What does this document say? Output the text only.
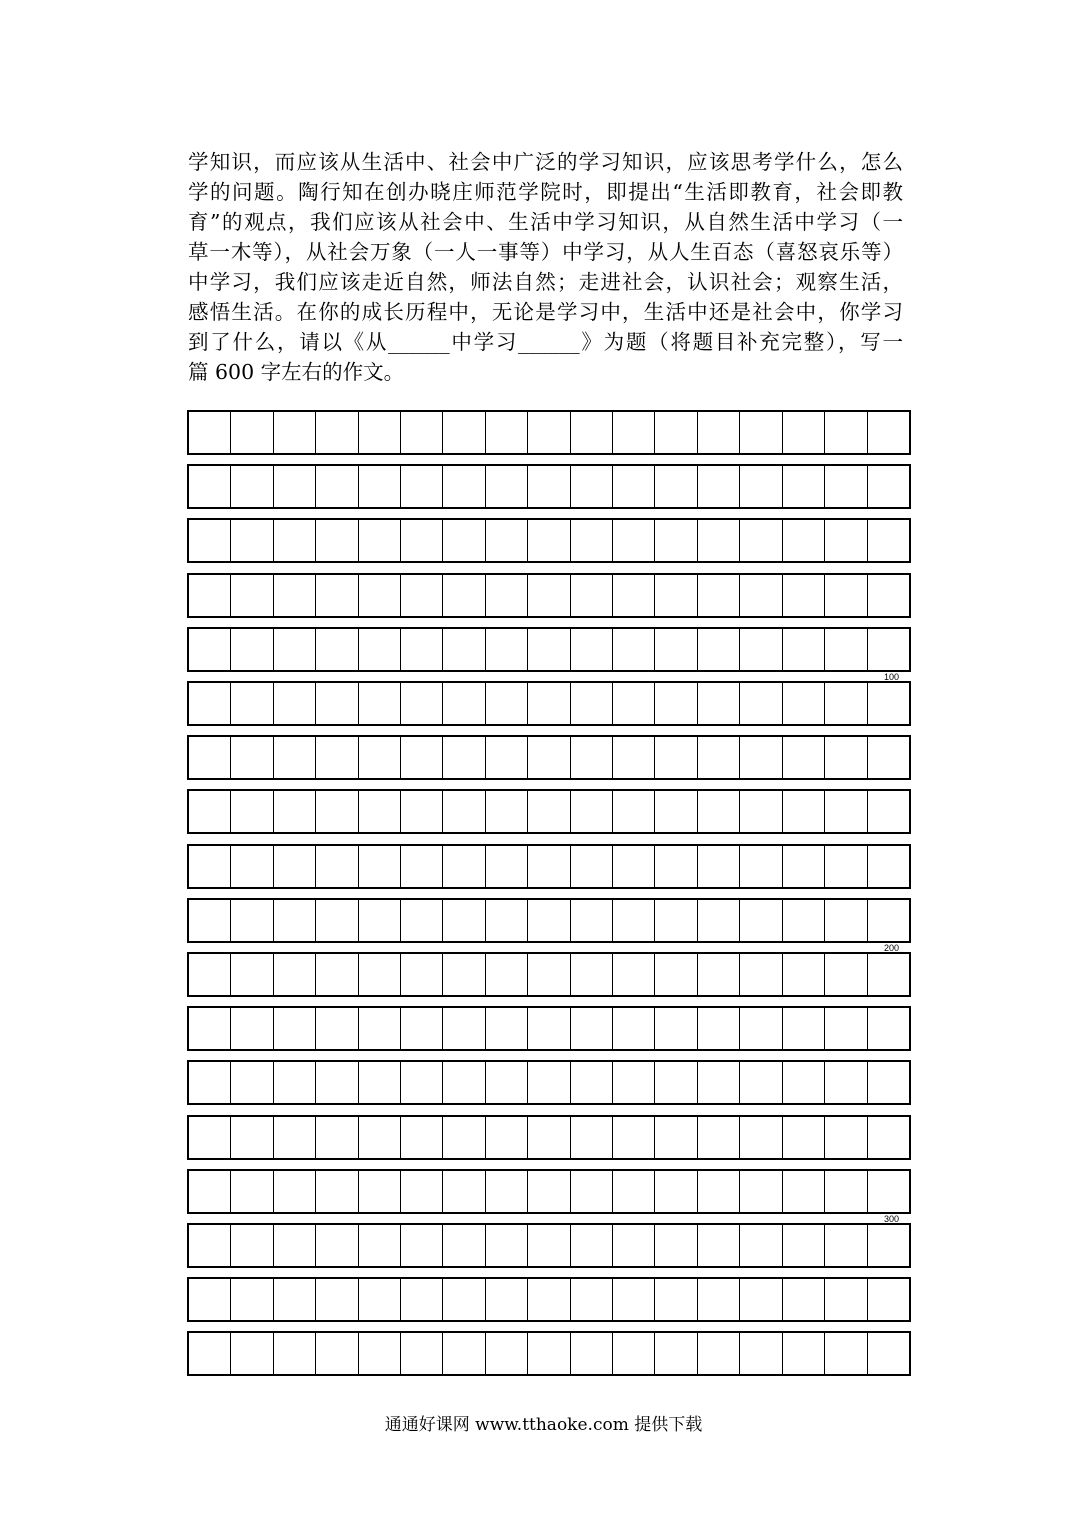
学知识，而应该从生活中、社会中广泛的学习知识，应该思考学什么，怎么
学的问题。陶行知在创办晓庄师范学院时，即提出“生活即教育，社会即教
育”的观点，我们应该从社会中、生活中学习知识，从自然生活中学习（一
草一木等），从社会万象（一人一事等）中学习，从人生百态（喜怒哀乐等）
中学习，我们应该走近自然，师法自然；走进社会，认识社会；观察生活，
感悟生活。在你的成长历程中，无论是学习中，生活中还是社会中，你学习
到了什么，请以《从______中学习______》为题（将题目补充完整），写一
篇 600 字左右的作文。
100
200
300
通通好课网 www.tthaoke.com 提供下载
